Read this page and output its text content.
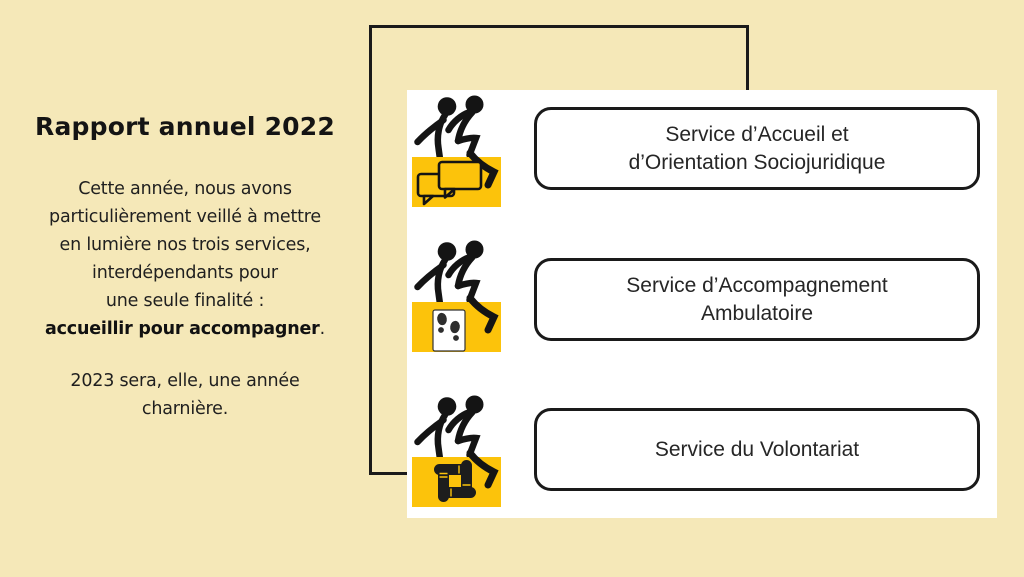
Rapport annuel 2022
Cette année, nous avons
particulièrement veillé à mettre
en lumière nos trois services,
interdépendants pour
une seule finalité :
accueillir pour accompagner.
2023 sera, elle, une année
charnière.
Service d’Accueil et
d’Orientation Sociojuridique
Service d’Accompagnement
Ambulatoire
Service du Volontariat
